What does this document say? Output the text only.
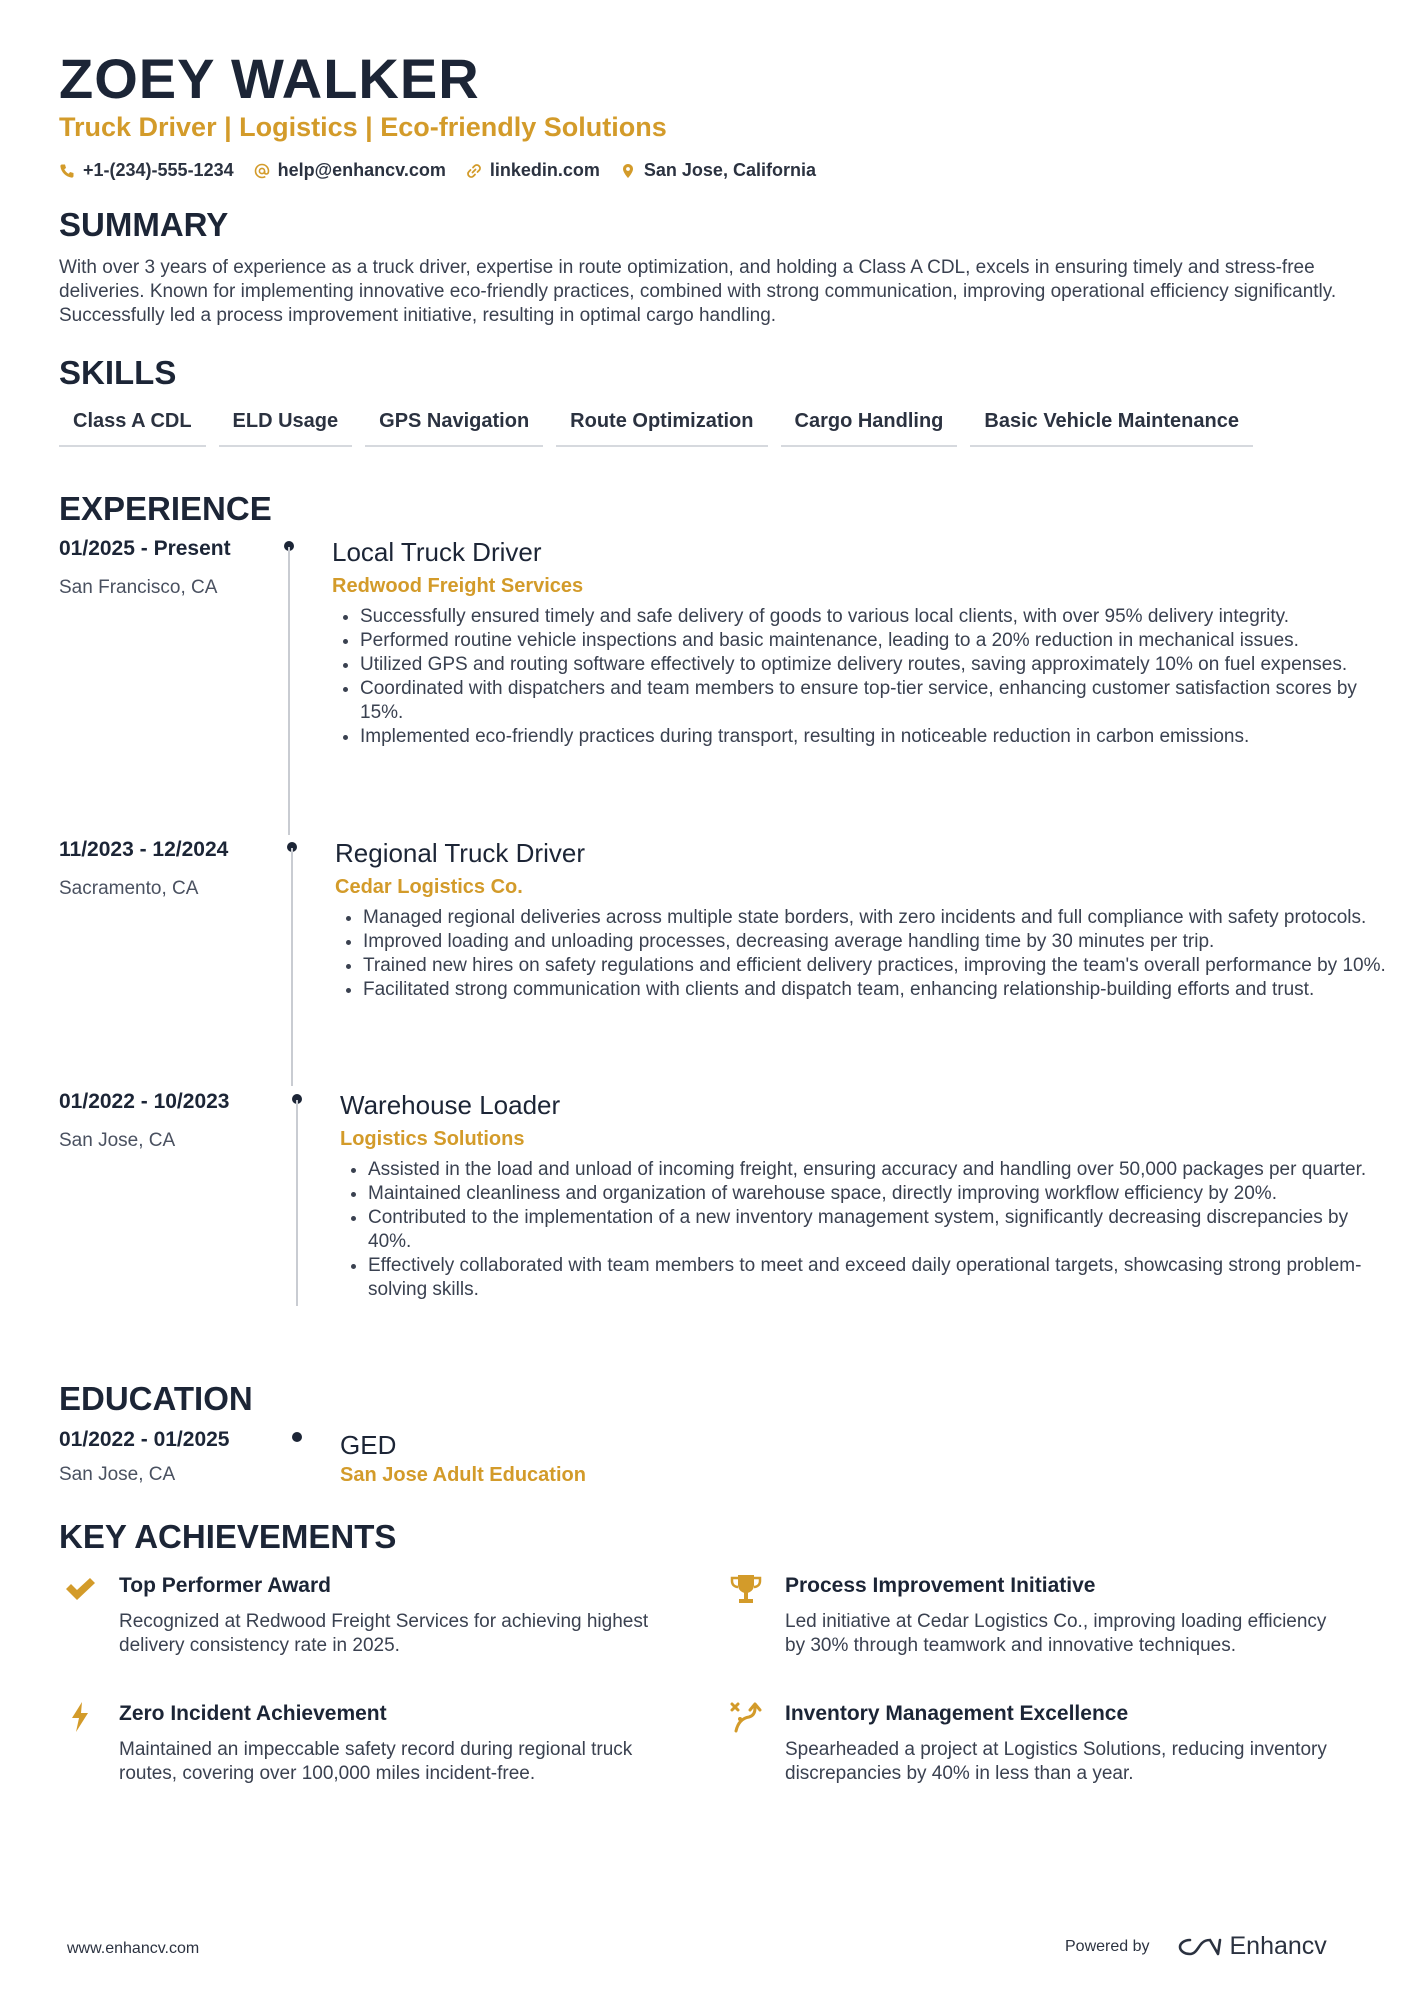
ZOEY WALKER
Truck Driver | Logistics | Eco-friendly Solutions
+1-(234)-555-1234 help@enhancv.com linkedin.com San Jose, California
SUMMARY
With over 3 years of experience as a truck driver, expertise in route optimization, and holding a Class A CDL, excels in ensuring timely and stress-free deliveries. Known for implementing innovative eco-friendly practices, combined with strong communication, improving operational efficiency significantly. Successfully led a process improvement initiative, resulting in optimal cargo handling.
SKILLS
Class A CDL	ELD Usage	GPS Navigation	Route Optimization	Cargo Handling	Basic Vehicle Maintenance
EXPERIENCE
01/2025 - Present
San Francisco, CA
Local Truck Driver
Redwood Freight Services
• Successfully ensured timely and safe delivery of goods to various local clients, with over 95% delivery integrity.
• Performed routine vehicle inspections and basic maintenance, leading to a 20% reduction in mechanical issues.
• Utilized GPS and routing software effectively to optimize delivery routes, saving approximately 10% on fuel expenses.
• Coordinated with dispatchers and team members to ensure top-tier service, enhancing customer satisfaction scores by 15%.
• Implemented eco-friendly practices during transport, resulting in noticeable reduction in carbon emissions.
11/2023 - 12/2024
Sacramento, CA
Regional Truck Driver
Cedar Logistics Co.
• Managed regional deliveries across multiple state borders, with zero incidents and full compliance with safety protocols.
• Improved loading and unloading processes, decreasing average handling time by 30 minutes per trip.
• Trained new hires on safety regulations and efficient delivery practices, improving the team's overall performance by 10%.
• Facilitated strong communication with clients and dispatch team, enhancing relationship-building efforts and trust.
01/2022 - 10/2023
San Jose, CA
Warehouse Loader
Logistics Solutions
• Assisted in the load and unload of incoming freight, ensuring accuracy and handling over 50,000 packages per quarter.
• Maintained cleanliness and organization of warehouse space, directly improving workflow efficiency by 20%.
• Contributed to the implementation of a new inventory management system, significantly decreasing discrepancies by 40%.
• Effectively collaborated with team members to meet and exceed daily operational targets, showcasing strong problem-solving skills.
EDUCATION
01/2022 - 01/2025
San Jose, CA
GED
San Jose Adult Education
KEY ACHIEVEMENTS
Top Performer Award
Recognized at Redwood Freight Services for achieving highest delivery consistency rate in 2025.
Process Improvement Initiative
Led initiative at Cedar Logistics Co., improving loading efficiency by 30% through teamwork and innovative techniques.
Zero Incident Achievement
Maintained an impeccable safety record during regional truck routes, covering over 100,000 miles incident-free.
Inventory Management Excellence
Spearheaded a project at Logistics Solutions, reducing inventory discrepancies by 40% in less than a year.
www.enhancv.com	Powered by	Enhancv
